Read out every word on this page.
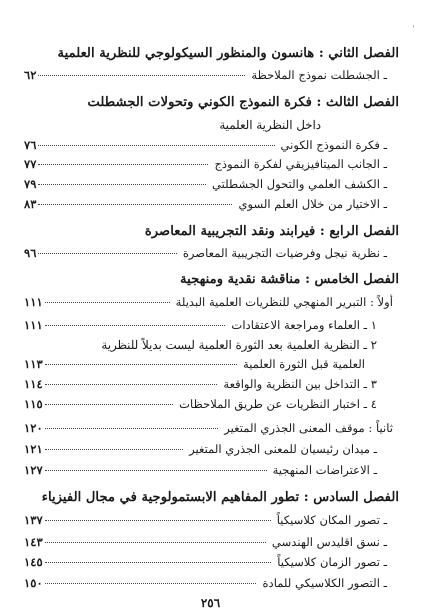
الفصل الثاني : هانسون والمنظور السيكولوجي للنظرية العلمية
ـ الجشطلت نموذج الملاحظة
٦٢
الفصل الثالث : فكرة النموذج الكوني وتحولات الجشطلت
داخل النظرية العلمية
ـ فكرة النموذج الكوني
٧٦
ـ الجانب الميتافيزيقي لفكرة النموذج
٧٧
ـ الكشف العلمي والتحول الجشطلتي
٧٩
ـ الاختيار من خلال العلم السوي
٨٣
الفصل الرابع : فيرابند ونقد التجريبية المعاصرة
ـ نظرية نيجل وفرضيات التجريبية المعاصرة
٩٦
الفصل الخامس : مناقشة نقدية ومنهجية
أولاً : التبرير المنهجي للنظريات العلمية البديلة
١١١
١ ـ العلماء ومراجعة الاعتقادات
١١١
٢ ـ النظرية العلمية بعد الثورة العلمية ليست بديلاً للنظرية
العلمية قبل الثورة العلمية
١١٣
٣ ـ التداخل بين النظرية والواقعة
١١٤
٤ ـ اختبار النظريات عن طريق الملاحظات
١١٥
ثانياً : موقف المعنى الجذري المتغير
١٢٠
ـ ميدان رئيسيان للمعنى الجذري المتغير
١٢١
ـ الاعتراضات المنهجية
١٢٧
الفصل السادس : تطور المفاهيم الابستمولوجية في مجال الفيزياء
ـ تصور المكان كلاسيكياً
١٣٧
ـ نسق اقليدس الهندسي
١٤٣
ـ تصور الزمان كلاسيكياً
١٤٥
ـ التصور الكلاسيكي للمادة
١٥٠
٢٥٦
